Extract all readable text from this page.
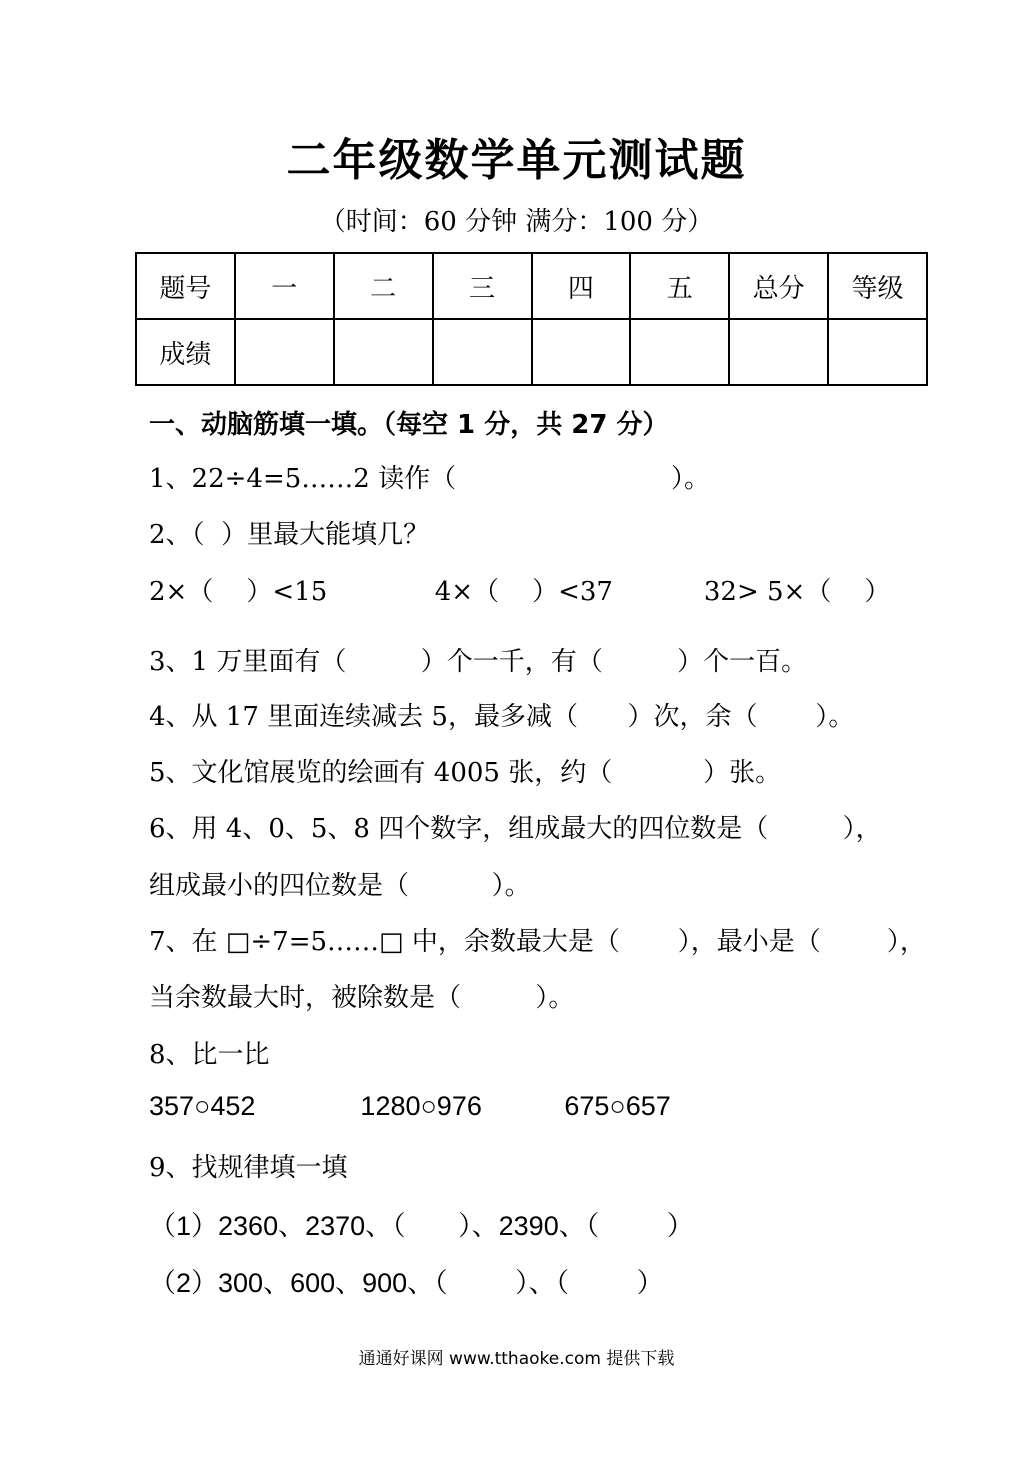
二年级数学单元测试题
（时间：60 分钟 满分：100 分）
题号	一	二	三	四	五	总分	等级
成绩							
一、动脑筋填一填。（每空 1 分，共 27 分）
1、22÷4=5……2 读作（                          ）。
2、（  ）里最大能填几？
2×（    ）<15             4×（    ）<37           32> 5×（    ）
3、1 万里面有（         ）个一千，有（         ）个一百。
4、从 17 里面连续减去 5，最多减（      ）次，余（       ）。
5、文化馆展览的绘画有 4005 张，约（           ）张。
6、用 4、0、5、8 四个数字，组成最大的四位数是（         ），
组成最小的四位数是（          ）。
7、在 □÷7=5……□ 中，余数最大是（       ），最小是（        ），
当余数最大时，被除数是（         ）。
8、比一比
357○452              1280○976           675○657
9、找规律填一填
（1）2360、2370、（       ）、2390、（         ）
（2）300、600、900、（         ）、（         ）
通通好课网 www.tthaoke.com 提供下载
